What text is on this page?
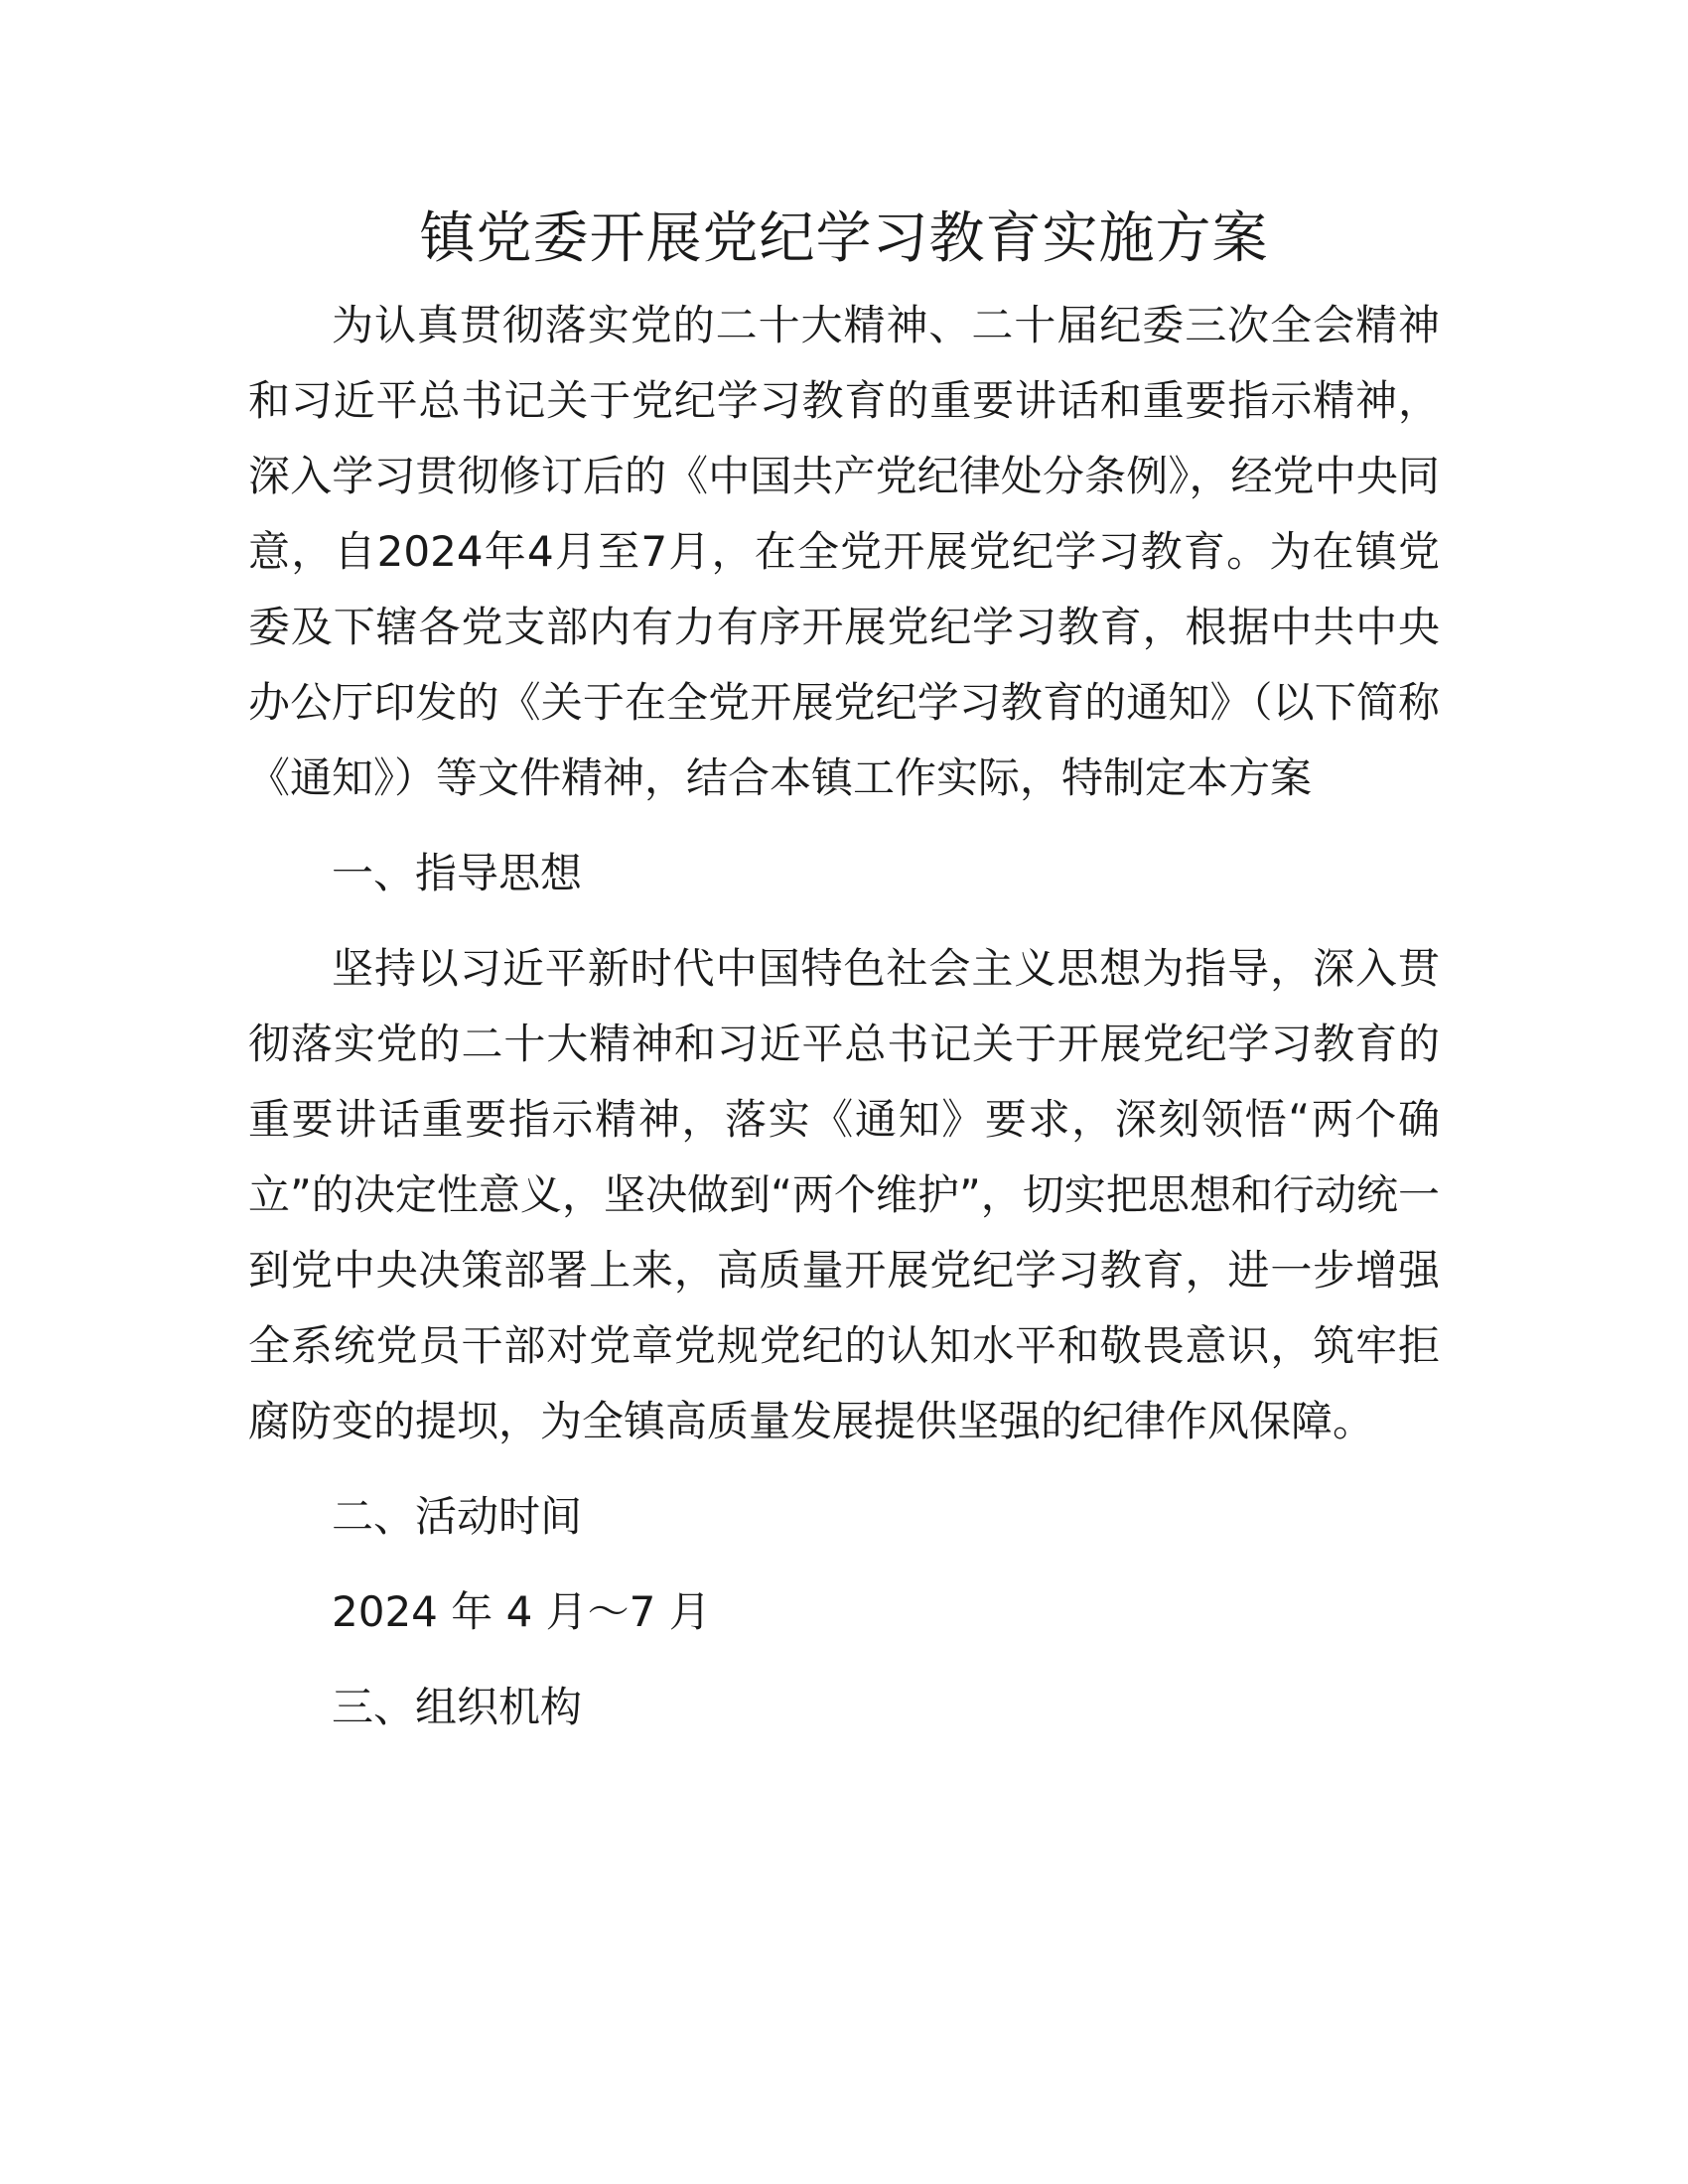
镇党委开展党纪学习教育实施方案

为认真贯彻落实党的二十大精神、二十届纪委三次全会精神和习近平总书记关于党纪学习教育的重要讲话和重要指示精神，深入学习贯彻修订后的《中国共产党纪律处分条例》，经党中央同意，自2024年4月至7月，在全党开展党纪学习教育。为在镇党委及下辖各党支部内有力有序开展党纪学习教育，根据中共中央办公厅印发的《关于在全党开展党纪学习教育的通知》（以下简称《通知》）等文件精神，结合本镇工作实际，特制定本方案

一、指导思想

坚持以习近平新时代中国特色社会主义思想为指导，深入贯彻落实党的二十大精神和习近平总书记关于开展党纪学习教育的重要讲话重要指示精神，落实《通知》要求，深刻领悟“两个确立”的决定性意义，坚决做到“两个维护”，切实把思想和行动统一到党中央决策部署上来，高质量开展党纪学习教育，进一步增强全系统党员干部对党章党规党纪的认知水平和敬畏意识，筑牢拒腐防变的提坝，为全镇高质量发展提供坚强的纪律作风保障。

二、活动时间

2024 年 4 月～7 月

三、组织机构
